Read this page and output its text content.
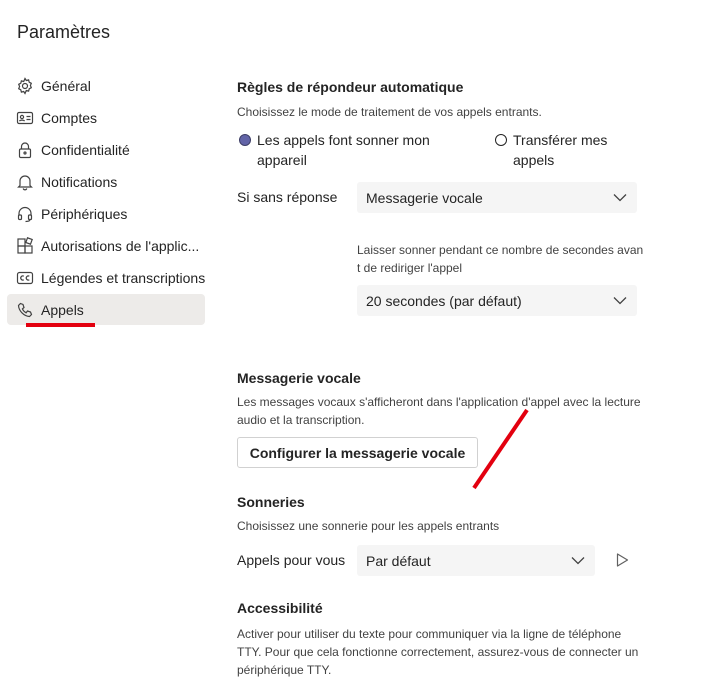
Paramètres
Général
Comptes
Confidentialité
Notifications
Périphériques
Autorisations de l'applic...
Légendes et transcriptions
Appels
Règles de répondeur automatique
Choisissez le mode de traitement de vos appels entrants.
Les appels font sonner mon
appareil
Transférer mes
appels
Si sans réponse Messagerie vocale
Laisser sonner pendant ce nombre de secondes avan
t de rediriger l'appel
20 secondes (par défaut)
Messagerie vocale
Les messages vocaux s'afficheront dans l'application d'appel avec la lecture
audio et la transcription.
Configurer la messagerie vocale
Sonneries
Choisissez une sonnerie pour les appels entrants
Appels pour vous Par défaut
Accessibilité
Activer pour utiliser du texte pour communiquer via la ligne de téléphone
TTY. Pour que cela fonctionne correctement, assurez-vous de connecter un
périphérique TTY.
